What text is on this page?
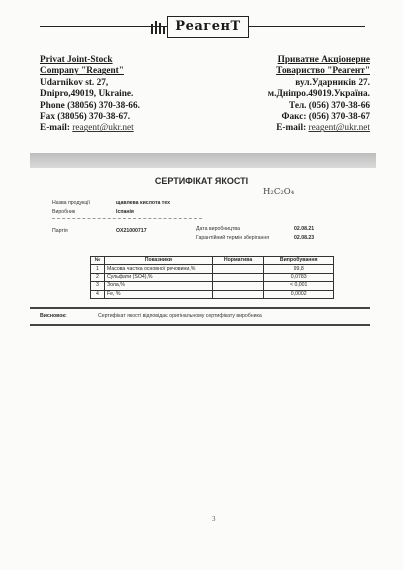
РеагенТ
Privat Joint-Stock
Company "Reagent"
Udarnikov st. 27,
Dnipro,49019, Ukraine.
Phone (38056) 370-38-66.
Fax (38056) 370-38-67.
E-mail: reagent@ukr.net
Приватне Акціонерне
Товариство "Реагент"
вул.Ударників 27.
м.Дніпро.49019.Україна.
Тел. (056) 370-38-66
Факс: (056) 370-38-67
E-mail: reagent@ukr.net
СЕРТИФІКАТ ЯКОСТІ
H₂C₂O₄
Назва продукції	щавлева кислота тех
Виробник	Іспанія
Партія	OX21000717	Дата виробництва	02.08.21
Гарантійний термін зберігання	02.08.23
№	Показники	Норматива	Випробування
1	Масова частка основної речовини,%		99,8
2	Сульфати (SO4),%		0,0783
3	Зола,%		< 0,001
4	Fe, %		0,0002
Висновок:	Сертифікат якості відповідає оригінальному сертифікату виробника
3
